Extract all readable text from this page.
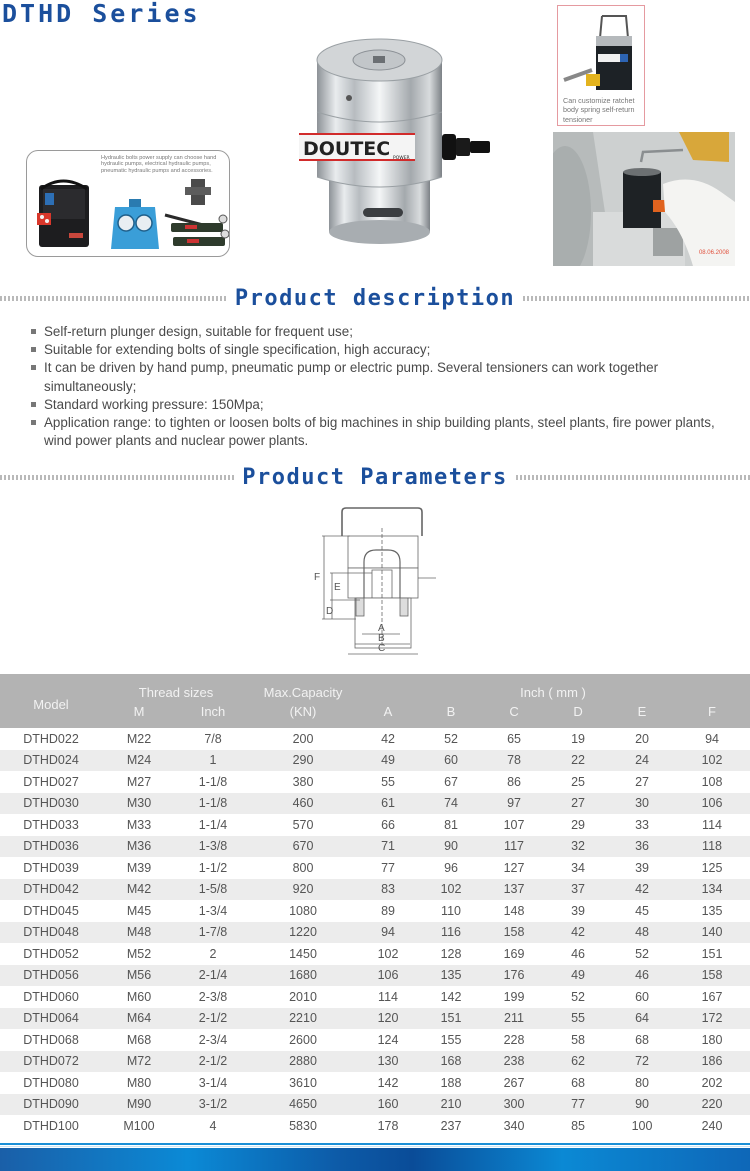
DTHD Series
Hydraulic bolts power supply can choose hand hydraulic pumps, electrical hydraulic pumps, pneumatic hydraulic pumps and accessories.
DOUTEC POWER
Can customize ratchet body spring self-return tensioner
08.06.2008
Product description
Self-return plunger design, suitable for frequent use;
Suitable for extending bolts of single specification, high accuracy;
It can be driven by hand pump, pneumatic pump or electric pump. Several tensioners can work together simultaneously;
Standard working pressure: 150Mpa;
Application range: to tighten or loosen bolts of big machines in ship building plants, steel plants, fire power plants, wind power plants and nuclear power plants.
Product Parameters
A
B
C
D
E
F
Model	Thread sizes		Max.Capacity	Inch ( mm )					
	M	Inch	(KN)	A	B	C	D	E	F
DTHD022	M22	7/8	200	42	52	65	19	20	94
DTHD024	M24	1	290	49	60	78	22	24	102
DTHD027	M27	1-1/8	380	55	67	86	25	27	108
DTHD030	M30	1-1/8	460	61	74	97	27	30	106
DTHD033	M33	1-1/4	570	66	81	107	29	33	114
DTHD036	M36	1-3/8	670	71	90	117	32	36	118
DTHD039	M39	1-1/2	800	77	96	127	34	39	125
DTHD042	M42	1-5/8	920	83	102	137	37	42	134
DTHD045	M45	1-3/4	1080	89	110	148	39	45	135
DTHD048	M48	1-7/8	1220	94	116	158	42	48	140
DTHD052	M52	2	1450	102	128	169	46	52	151
DTHD056	M56	2-1/4	1680	106	135	176	49	46	158
DTHD060	M60	2-3/8	2010	114	142	199	52	60	167
DTHD064	M64	2-1/2	2210	120	151	211	55	64	172
DTHD068	M68	2-3/4	2600	124	155	228	58	68	180
DTHD072	M72	2-1/2	2880	130	168	238	62	72	186
DTHD080	M80	3-1/4	3610	142	188	267	68	80	202
DTHD090	M90	3-1/2	4650	160	210	300	77	90	220
DTHD100	M100	4	5830	178	237	340	85	100	240
